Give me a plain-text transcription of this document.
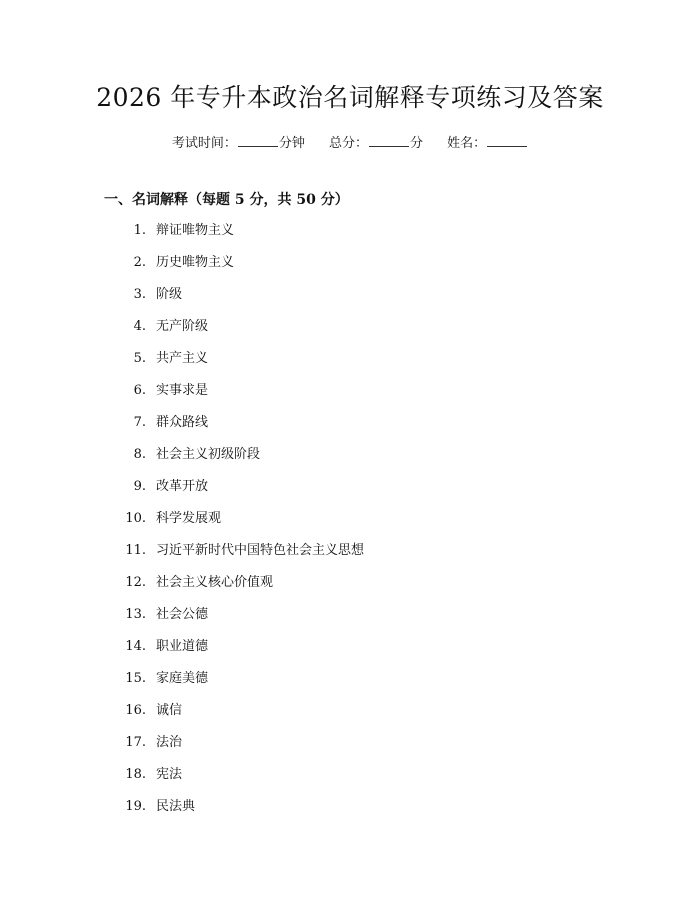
2026 年专升本政治名词解释专项练习及答案
考试时间：	分钟 总分：	分 姓名：
一、名词解释（每题 5 分，共 50 分）
1. 辩证唯物主义
2. 历史唯物主义
3. 阶级
4. 无产阶级
5. 共产主义
6. 实事求是
7. 群众路线
8. 社会主义初级阶段
9. 改革开放
10. 科学发展观
11. 习近平新时代中国特色社会主义思想
12. 社会主义核心价值观
13. 社会公德
14. 职业道德
15. 家庭美德
16. 诚信
17. 法治
18. 宪法
19. 民法典
